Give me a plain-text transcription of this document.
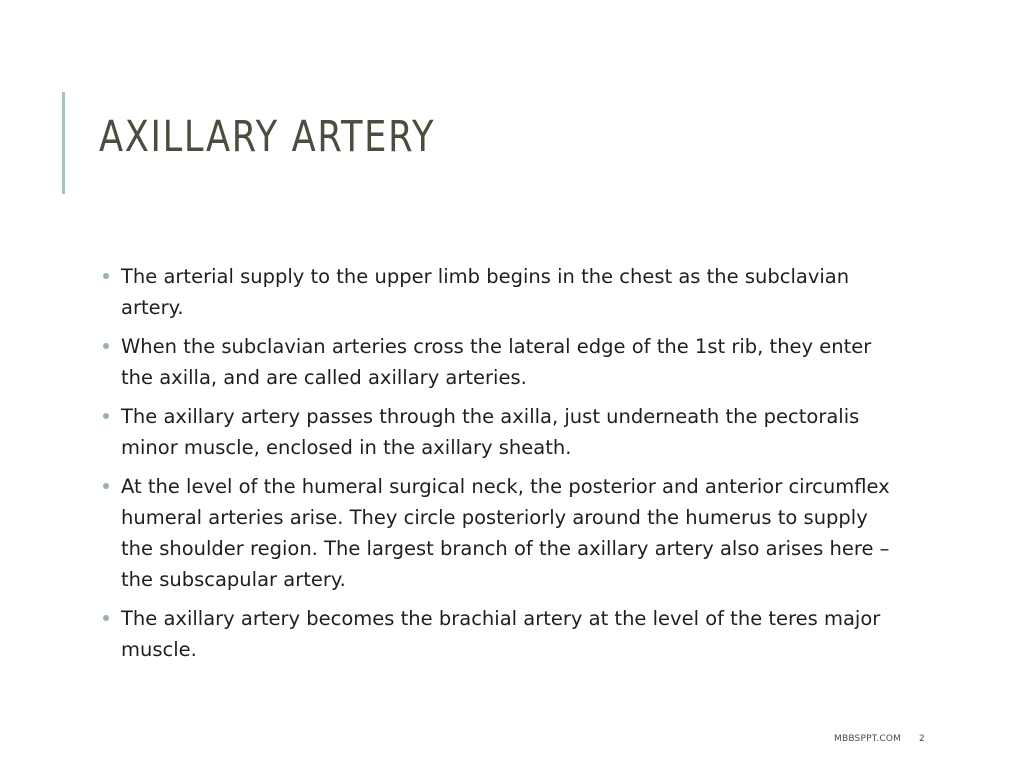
AXILLARY ARTERY
The arterial supply to the upper limb begins in the chest as the subclavian artery.
When the subclavian arteries cross the lateral edge of the 1st rib, they enter the axilla, and are called axillary arteries.
The axillary artery passes through the axilla, just underneath the pectoralis minor muscle, enclosed in the axillary sheath.
At the level of the humeral surgical neck, the posterior and anterior circumflex humeral arteries arise. They circle posteriorly around the humerus to supply the shoulder region. The largest branch of the axillary artery also arises here – the subscapular artery.
The axillary artery becomes the brachial artery at the level of the teres major muscle.
MBBSPPT.COM 2
